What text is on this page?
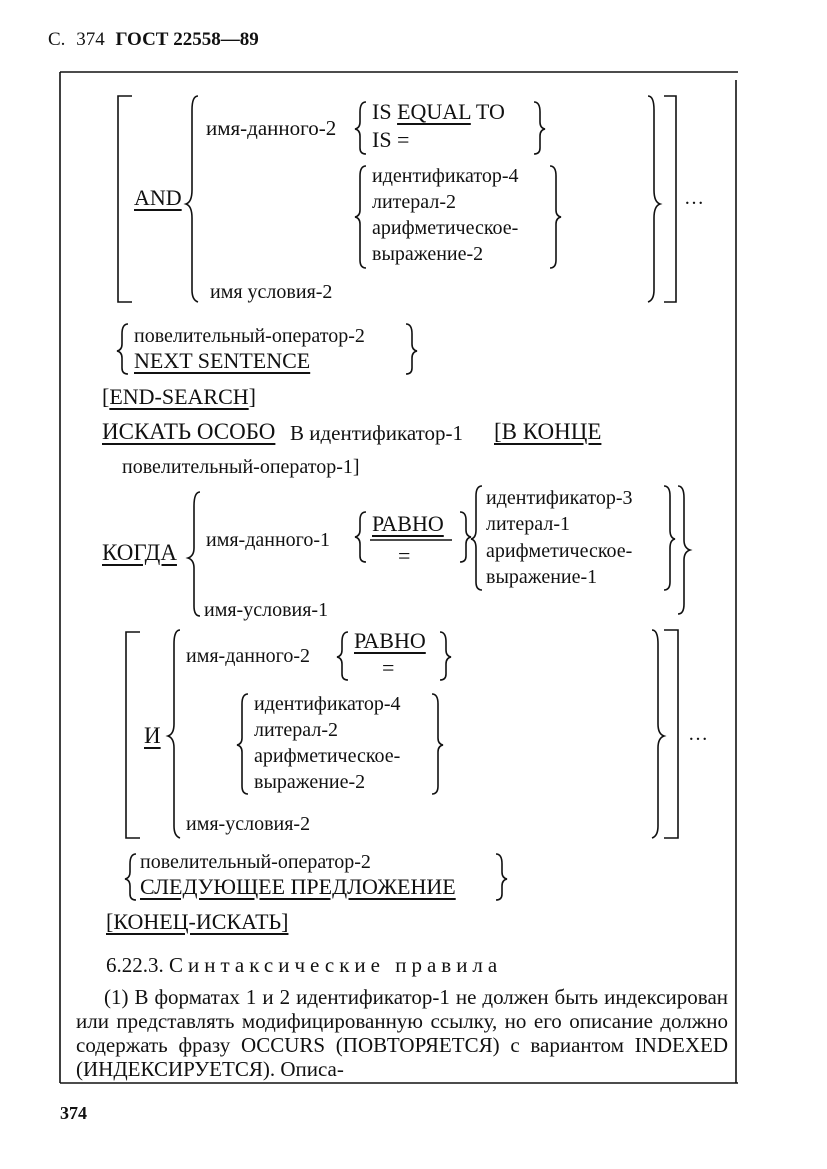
С. 374 ГОСТ 22558—89
AND
имя-данного-2
IS EQUAL TO
IS =
идентификатор-4
литерал-2
арифметическое-
выражение-2
имя условия-2
…
повелительный-оператор-2
NEXT SENTENCE
[END-SEARCH]
ИСКАТЬ ОСОБО В идентификатор-1 [В КОНЦЕ
повелительный-оператор-1]
КОГДА имя-данного-1
РАВНО
=
идентификатор-3
литерал-1
арифметическое-
выражение-1
имя-условия-1
И
имя-данного-2
РАВНО
=
идентификатор-4
литерал-2
арифметическое-
выражение-2
имя-условия-2
…
повелительный-оператор-2
СЛЕДУЮЩЕЕ ПРЕДЛОЖЕНИЕ
[КОНЕЦ-ИСКАТЬ]
6.22.3. Синтаксические правила
(1) В форматах 1 и 2 идентификатор-1 не должен быть индексирован или представлять модифицированную ссылку, но его описание должно содержать фразу OCCURS (ПОВТОРЯЕТСЯ) с вариантом INDEXED (ИНДЕКСИРУЕТСЯ). Описа-
374
